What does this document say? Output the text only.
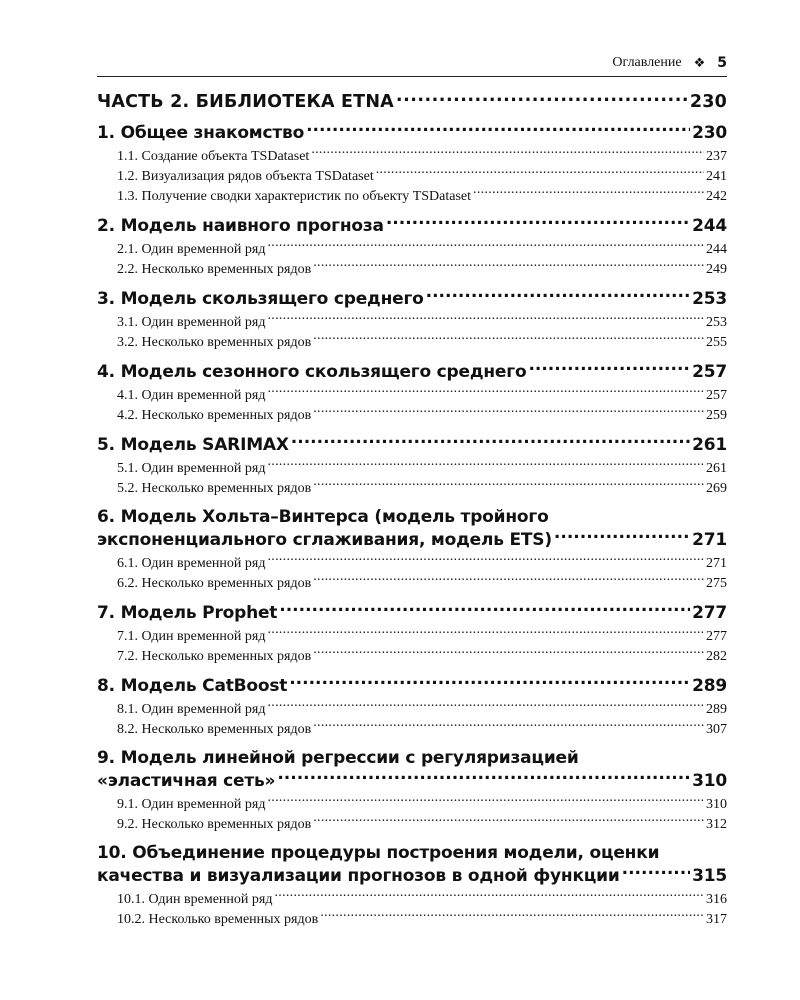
Оглавление ❖ 5
ЧАСТЬ 2. БИБЛИОТЕКА ETNA .....	230
1. Общее знакомство .....	230
1.1. Создание объекта TSDataset .....	237
1.2. Визуализация рядов объекта TSDataset .....	241
1.3. Получение сводки характеристик по объекту TSDataset .....	242
2. Модель наивного прогноза .....	244
2.1. Один временной ряд .....	244
2.2. Несколько временных рядов .....	249
3. Модель скользящего среднего .....	253
3.1. Один временной ряд .....	253
3.2. Несколько временных рядов .....	255
4. Модель сезонного скользящего среднего .....	257
4.1. Один временной ряд .....	257
4.2. Несколько временных рядов .....	259
5. Модель SARIMAX .....	261
5.1. Один временной ряд .....	261
5.2. Несколько временных рядов .....	269
6. Модель Хольта–Винтерса (модель тройного
экспоненциального сглаживания, модель ETS) .....	271
6.1. Один временной ряд .....	271
6.2. Несколько временных рядов .....	275
7. Модель Prophet .....	277
7.1. Один временной ряд .....	277
7.2. Несколько временных рядов .....	282
8. Модель CatBoost .....	289
8.1. Один временной ряд .....	289
8.2. Несколько временных рядов .....	307
9. Модель линейной регрессии с регуляризацией
«эластичная сеть» .....	310
9.1. Один временной ряд .....	310
9.2. Несколько временных рядов .....	312
10. Объединение процедуры построения модели, оценки
качества и визуализации прогнозов в одной функции .....	315
10.1. Один временной ряд .....	316
10.2. Несколько временных рядов .....	317
